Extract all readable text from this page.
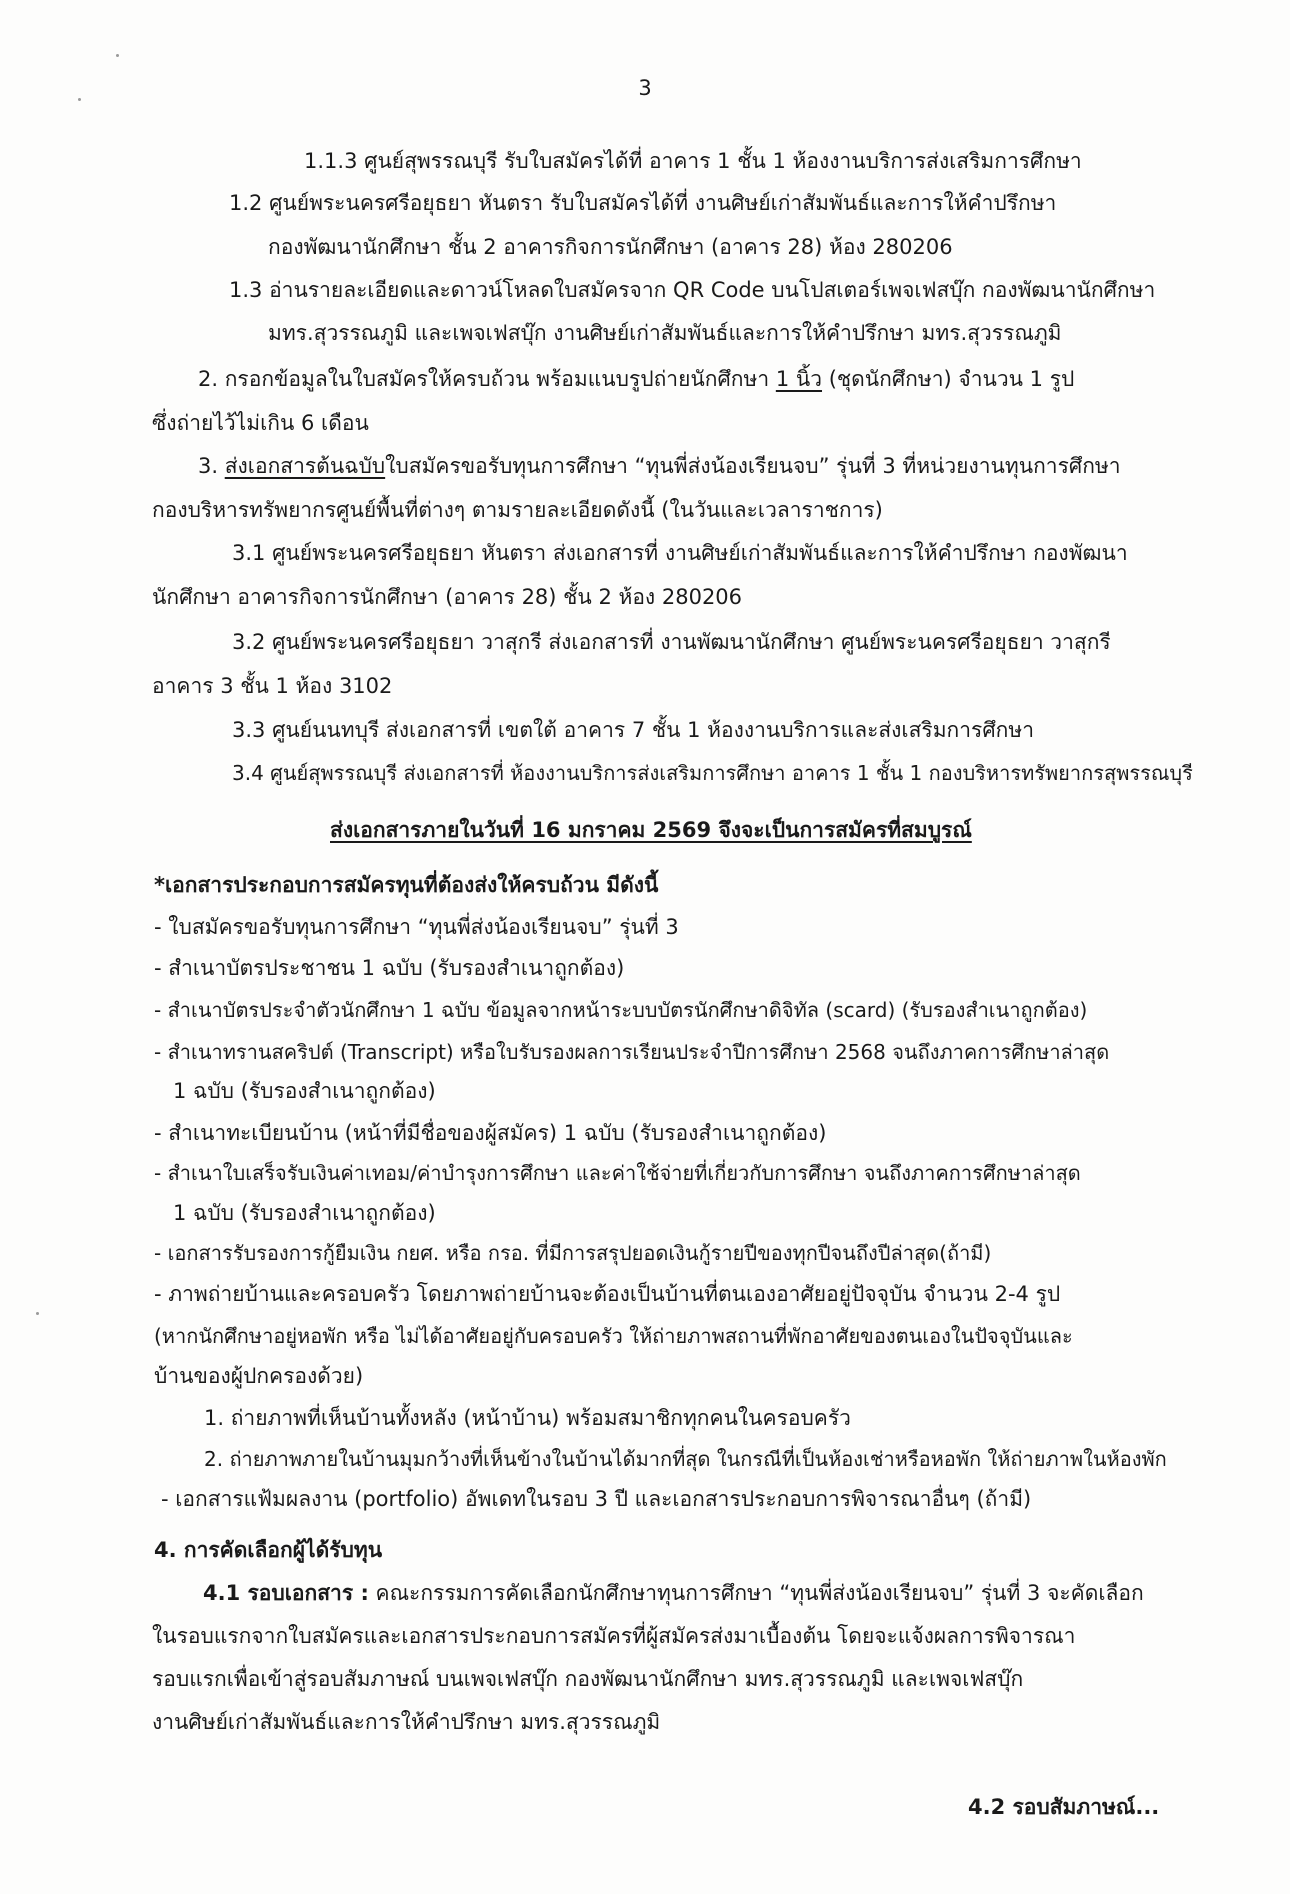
3
1.1.3 ศูนย์สุพรรณบุรี รับใบสมัครได้ที่ อาคาร 1 ชั้น 1 ห้องงานบริการส่งเสริมการศึกษา
1.2 ศูนย์พระนครศรีอยุธยา หันตรา รับใบสมัครได้ที่ งานศิษย์เก่าสัมพันธ์และการให้คำปรึกษา
กองพัฒนานักศึกษา ชั้น 2 อาคารกิจการนักศึกษา (อาคาร 28) ห้อง 280206
1.3 อ่านรายละเอียดและดาวน์โหลดใบสมัครจาก QR Code บนโปสเตอร์เพจเฟสบุ๊ก กองพัฒนานักศึกษา
มทร.สุวรรณภูมิ และเพจเฟสบุ๊ก งานศิษย์เก่าสัมพันธ์และการให้คำปรึกษา มทร.สุวรรณภูมิ
2. กรอกข้อมูลในใบสมัครให้ครบถ้วน พร้อมแนบรูปถ่ายนักศึกษา 1 นิ้ว (ชุดนักศึกษา) จำนวน 1 รูป
ซึ่งถ่ายไว้ไม่เกิน 6 เดือน
3. ส่งเอกสารต้นฉบับใบสมัครขอรับทุนการศึกษา “ทุนพี่ส่งน้องเรียนจบ” รุ่นที่ 3 ที่หน่วยงานทุนการศึกษา
กองบริหารทรัพยากรศูนย์พื้นที่ต่างๆ ตามรายละเอียดดังนี้ (ในวันและเวลาราชการ)
3.1 ศูนย์พระนครศรีอยุธยา หันตรา ส่งเอกสารที่ งานศิษย์เก่าสัมพันธ์และการให้คำปรึกษา กองพัฒนา
นักศึกษา อาคารกิจการนักศึกษา (อาคาร 28) ชั้น 2 ห้อง 280206
3.2 ศูนย์พระนครศรีอยุธยา วาสุกรี ส่งเอกสารที่ งานพัฒนานักศึกษา ศูนย์พระนครศรีอยุธยา วาสุกรี
อาคาร 3 ชั้น 1 ห้อง 3102
3.3 ศูนย์นนทบุรี ส่งเอกสารที่ เขตใต้ อาคาร 7 ชั้น 1 ห้องงานบริการและส่งเสริมการศึกษา
3.4 ศูนย์สุพรรณบุรี ส่งเอกสารที่ ห้องงานบริการส่งเสริมการศึกษา อาคาร 1 ชั้น 1 กองบริหารทรัพยากรสุพรรณบุรี
ส่งเอกสารภายในวันที่ 16 มกราคม 2569 จึงจะเป็นการสมัครที่สมบูรณ์
*เอกสารประกอบการสมัครทุนที่ต้องส่งให้ครบถ้วน มีดังนี้
- ใบสมัครขอรับทุนการศึกษา “ทุนพี่ส่งน้องเรียนจบ” รุ่นที่ 3
- สำเนาบัตรประชาชน 1 ฉบับ (รับรองสำเนาถูกต้อง)
- สำเนาบัตรประจำตัวนักศึกษา 1 ฉบับ ข้อมูลจากหน้าระบบบัตรนักศึกษาดิจิทัล (scard) (รับรองสำเนาถูกต้อง)
- สำเนาทรานสคริปต์ (Transcript) หรือใบรับรองผลการเรียนประจำปีการศึกษา 2568 จนถึงภาคการศึกษาล่าสุด
1 ฉบับ (รับรองสำเนาถูกต้อง)
- สำเนาทะเบียนบ้าน (หน้าที่มีชื่อของผู้สมัคร) 1 ฉบับ (รับรองสำเนาถูกต้อง)
- สำเนาใบเสร็จรับเงินค่าเทอม/ค่าบำรุงการศึกษา และค่าใช้จ่ายที่เกี่ยวกับการศึกษา จนถึงภาคการศึกษาล่าสุด
1 ฉบับ (รับรองสำเนาถูกต้อง)
- เอกสารรับรองการกู้ยืมเงิน กยศ. หรือ กรอ. ที่มีการสรุปยอดเงินกู้รายปีของทุกปีจนถึงปีล่าสุด(ถ้ามี)
- ภาพถ่ายบ้านและครอบครัว โดยภาพถ่ายบ้านจะต้องเป็นบ้านที่ตนเองอาศัยอยู่ปัจจุบัน จำนวน 2-4 รูป
(หากนักศึกษาอยู่หอพัก หรือ ไม่ได้อาศัยอยู่กับครอบครัว ให้ถ่ายภาพสถานที่พักอาศัยของตนเองในปัจจุบันและ
บ้านของผู้ปกครองด้วย)
1. ถ่ายภาพที่เห็นบ้านทั้งหลัง (หน้าบ้าน) พร้อมสมาชิกทุกคนในครอบครัว
2. ถ่ายภาพภายในบ้านมุมกว้างที่เห็นข้างในบ้านได้มากที่สุด ในกรณีที่เป็นห้องเช่าหรือหอพัก ให้ถ่ายภาพในห้องพัก
- เอกสารแฟ้มผลงาน (portfolio) อัพเดทในรอบ 3 ปี และเอกสารประกอบการพิจารณาอื่นๆ (ถ้ามี)
4. การคัดเลือกผู้ได้รับทุน
4.1 รอบเอกสาร : คณะกรรมการคัดเลือกนักศึกษาทุนการศึกษา “ทุนพี่ส่งน้องเรียนจบ” รุ่นที่ 3 จะคัดเลือก
ในรอบแรกจากใบสมัครและเอกสารประกอบการสมัครที่ผู้สมัครส่งมาเบื้องต้น โดยจะแจ้งผลการพิจารณา
รอบแรกเพื่อเข้าสู่รอบสัมภาษณ์ บนเพจเฟสบุ๊ก กองพัฒนานักศึกษา มทร.สุวรรณภูมิ และเพจเฟสบุ๊ก
งานศิษย์เก่าสัมพันธ์และการให้คำปรึกษา มทร.สุวรรณภูมิ
4.2 รอบสัมภาษณ์...
